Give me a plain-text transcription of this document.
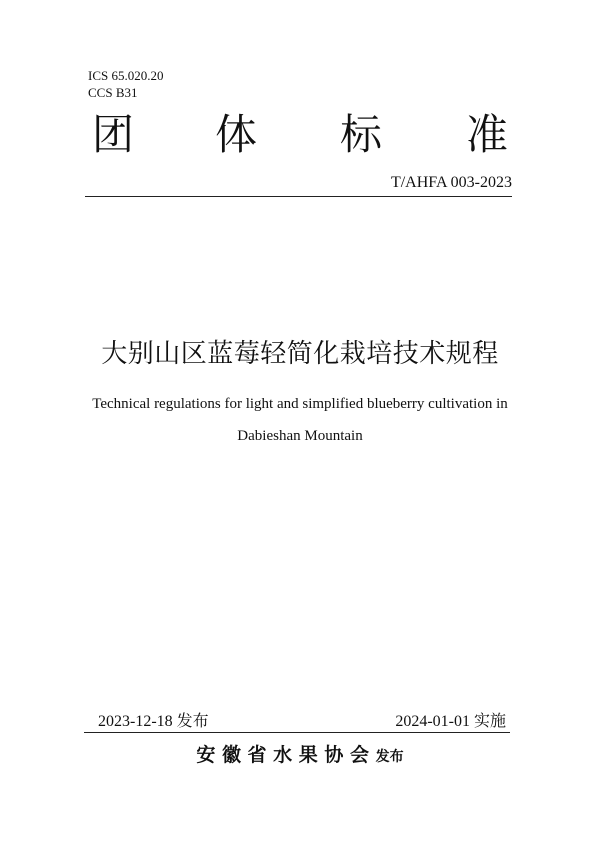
ICS 65.020.20
CCS B31
团 体 标 准
T/AHFA 003-2023
大别山区蓝莓轻简化栽培技术规程
Technical regulations for light and simplified blueberry cultivation in
Dabieshan Mountain
2023-12-18 发布	2024-01-01 实施
安 徽 省 水 果 协 会 发布
